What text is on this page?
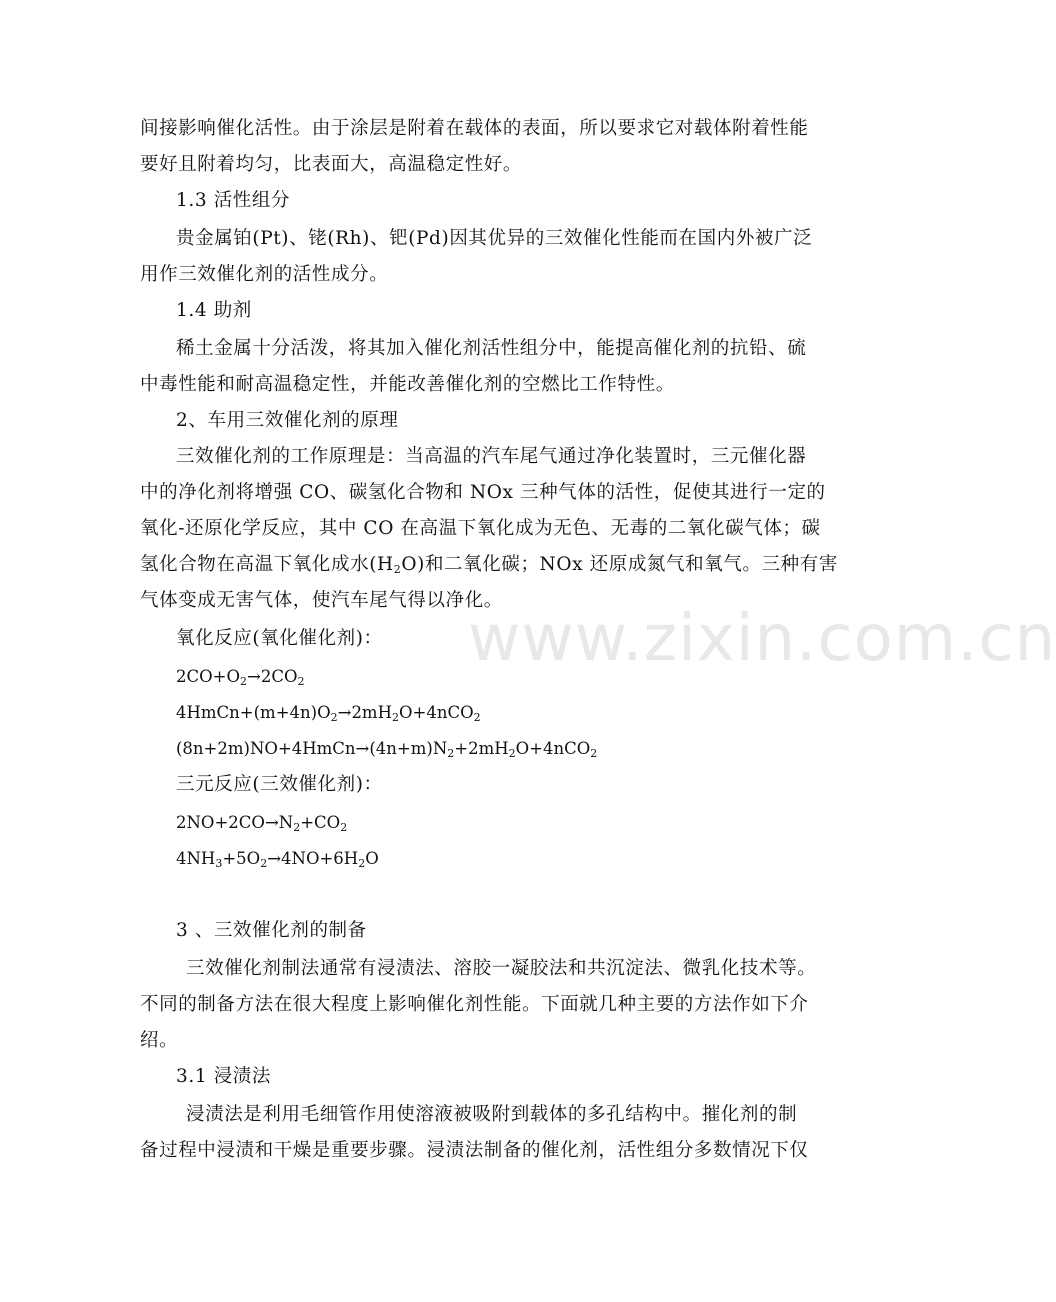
www.zixin.com.cn
间接影响催化活性。由于涂层是附着在载体的表面，所以要求它对载体附着性能
要好且附着均匀，比表面大，高温稳定性好。
1.3 活性组分
贵金属铂(Pt)、铑(Rh)、钯(Pd)因其优异的三效催化性能而在国内外被广泛
用作三效催化剂的活性成分。
1.4 助剂
稀土金属十分活泼，将其加入催化剂活性组分中，能提高催化剂的抗铅、硫
中毒性能和耐高温稳定性，并能改善催化剂的空燃比工作特性。
2、车用三效催化剂的原理
三效催化剂的工作原理是：当高温的汽车尾气通过净化装置时，三元催化器
中的净化剂将增强 CO、碳氢化合物和 NOx 三种气体的活性，促使其进行一定的
氧化-还原化学反应，其中 CO 在高温下氧化成为无色、无毒的二氧化碳气体；碳
氢化合物在高温下氧化成水$(H_2O)$和二氧化碳；NOx 还原成氮气和氧气。三种有害
气体变成无害气体，使汽车尾气得以净化。
氧化反应(氧化催化剂)：
$2CO+O_2\to 2CO_2$
$4HmCn+(m+4n)O_2\to 2mH_2O+4nCO_2$
$(8n+2m)NO+4HmCn\to(4n+m)N_2+2mH_2O+4nCO_2$
三元反应(三效催化剂)：
$2NO+2CO\to N_2+CO_2$
$4NH_3+5O_2\to 4NO+6H_2O$
3 、三效催化剂的制备
三效催化剂制法通常有浸渍法、溶胶一凝胶法和共沉淀法、微乳化技术等。
不同的制备方法在很大程度上影响催化剂性能。下面就几种主要的方法作如下介
绍。
3.1 浸渍法
浸渍法是利用毛细管作用使溶液被吸附到载体的多孔结构中。摧化剂的制
备过程中浸渍和干燥是重要步骤。浸渍法制备的催化剂，活性组分多数情况下仅
